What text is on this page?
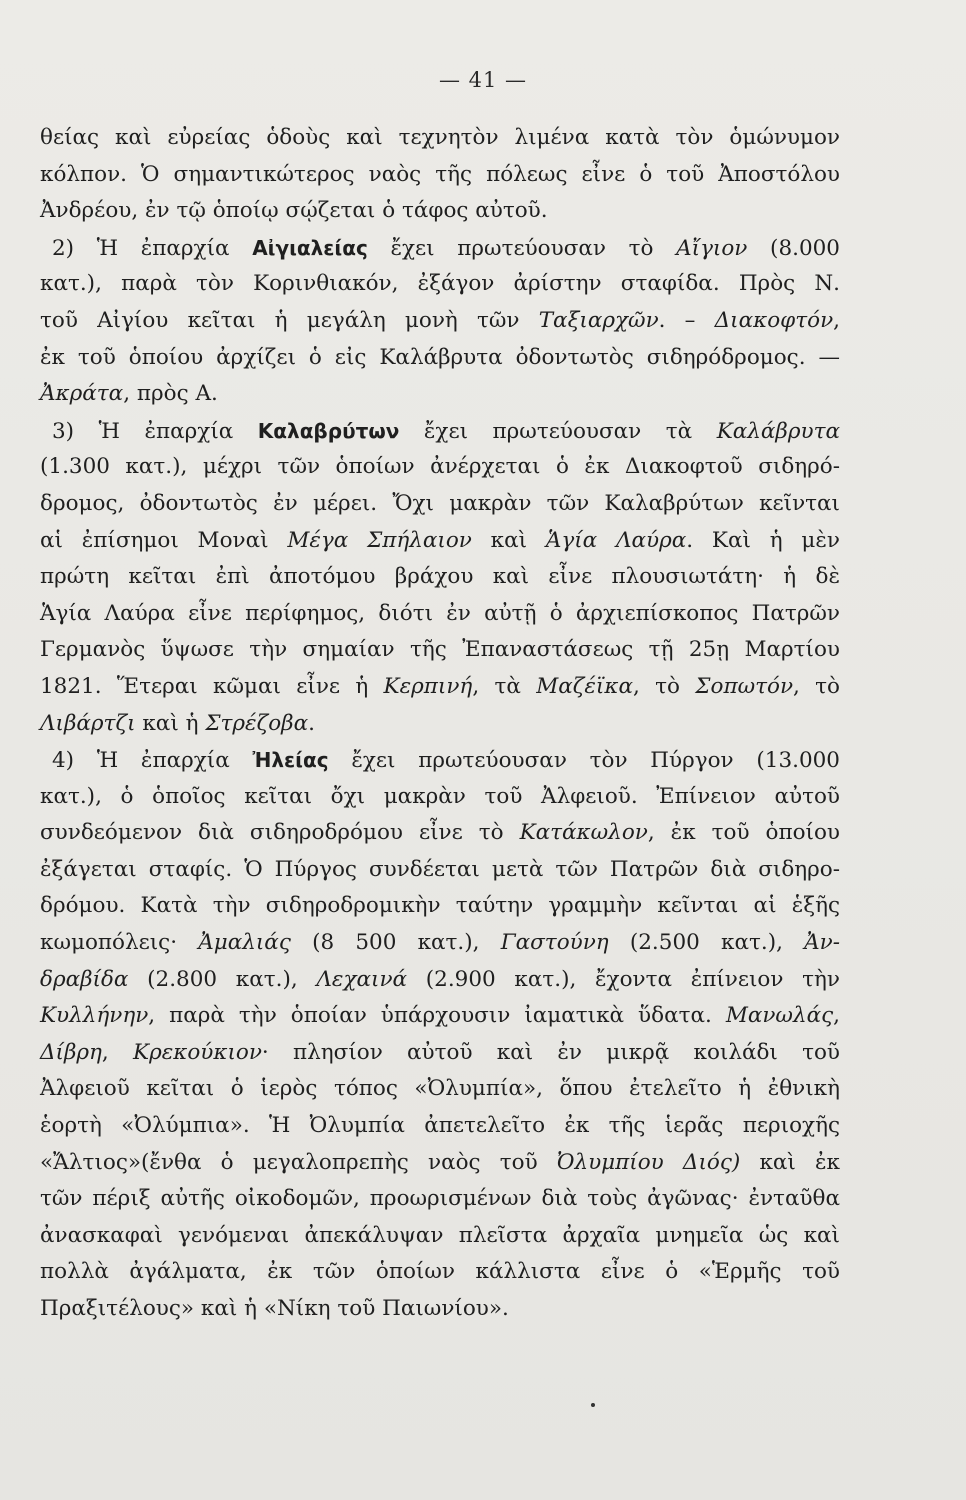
— 41 —
θείας καὶ εὐρείας ὁδοὺς καὶ τεχνητὸν λιμένα κατὰ τὸν ὁμώνυμον
κόλπον. Ὁ σημαντικώτερος ναὸς τῆς πόλεως εἶνε ὁ τοῦ Ἀποστόλου
Ἀνδρέου, ἐν τῷ ὁποίῳ σῴζεται ὁ τάφος αὐτοῦ.
2) Ἡ ἐπαρχία Αἰγιαλείας ἔχει πρωτεύουσαν τὸ Αἴγιον (8.000
κατ.), παρὰ τὸν Κορινθιακόν, ἐξάγον ἀρίστην σταφίδα. Πρὸς Ν.
τοῦ Αἰγίου κεῖται ἡ μεγάλη μονὴ τῶν Ταξιαρχῶν. – Διακοφτόν,
ἐκ τοῦ ὁποίου ἀρχίζει ὁ εἰς Καλάβρυτα ὀδοντωτὸς σιδηρόδρομος. —
Ἀκράτα, πρὸς Α.
3) Ἡ ἐπαρχία Καλαβρύτων ἔχει πρωτεύουσαν τὰ Καλάβρυτα
(1.300 κατ.), μέχρι τῶν ὁποίων ἀνέρχεται ὁ ἐκ Διακοφτοῦ σιδηρό-
δρομος, ὀδοντωτὸς ἐν μέρει. Ὄχι μακρὰν τῶν Καλαβρύτων κεῖνται
αἱ ἐπίσημοι Μοναὶ Μέγα Σπήλαιον καὶ Ἁγία Λαύρα. Καὶ ἡ μὲν
πρώτη κεῖται ἐπὶ ἀποτόμου βράχου καὶ εἶνε πλουσιωτάτη· ἡ δὲ
Ἁγία Λαύρα εἶνε περίφημος, διότι ἐν αὐτῇ ὁ ἀρχιεπίσκοπος Πατρῶν
Γερμανὸς ὕψωσε τὴν σημαίαν τῆς Ἐπαναστάσεως τῇ 25ῃ Μαρτίου
1821. Ἕτεραι κῶμαι εἶνε ἡ Κερπινή, τὰ Μαζέϊκα, τὸ Σοπωτόν, τὸ
Λιβάρτζι καὶ ἡ Στρέζοβα.
4) Ἡ ἐπαρχία Ἠλείας ἔχει πρωτεύουσαν τὸν Πύργον (13.000
κατ.), ὁ ὁποῖος κεῖται ὄχι μακρὰν τοῦ Ἀλφειοῦ. Ἐπίνειον αὐτοῦ
συνδεόμενον διὰ σιδηροδρόμου εἶνε τὸ Κατάκωλον, ἐκ τοῦ ὁποίου
ἐξάγεται σταφίς. Ὁ Πύργος συνδέεται μετὰ τῶν Πατρῶν διὰ σιδηρο-
δρόμου. Κατὰ τὴν σιδηροδρομικὴν ταύτην γραμμὴν κεῖνται αἱ ἑξῆς
κωμοπόλεις· Ἀμαλιάς (8 500 κατ.), Γαστούνη (2.500 κατ.), Ἀν-
δραβίδα (2.800 κατ.), Λεχαινά (2.900 κατ.), ἔχοντα ἐπίνειον τὴν
Κυλλήνην, παρὰ τὴν ὁποίαν ὑπάρχουσιν ἰαματικὰ ὕδατα. Μανωλάς,
Δίβρη, Κρεκούκιον· πλησίον αὐτοῦ καὶ ἐν μικρᾷ κοιλάδι τοῦ
Ἀλφειοῦ κεῖται ὁ ἱερὸς τόπος «Ὀλυμπία», ὅπου ἐτελεῖτο ἡ ἐθνικὴ
ἑορτὴ «Ὀλύμπια». Ἡ Ὀλυμπία ἀπετελεῖτο ἐκ τῆς ἱερᾶς περιοχῆς
«Ἄλτιος»(ἔνθα ὁ μεγαλοπρεπὴς ναὸς τοῦ Ὀλυμπίου Διός) καὶ ἐκ
τῶν πέριξ αὐτῆς οἰκοδομῶν, προωρισμένων διὰ τοὺς ἀγῶνας· ἐνταῦθα
ἀνασκαφαὶ γενόμεναι ἀπεκάλυψαν πλεῖστα ἀρχαῖα μνημεῖα ὡς καὶ
πολλὰ ἀγάλματα, ἐκ τῶν ὁποίων κάλλιστα εἶνε ὁ «Ἑρμῆς τοῦ
Πραξιτέλους» καὶ ἡ «Νίκη τοῦ Παιωνίου».
